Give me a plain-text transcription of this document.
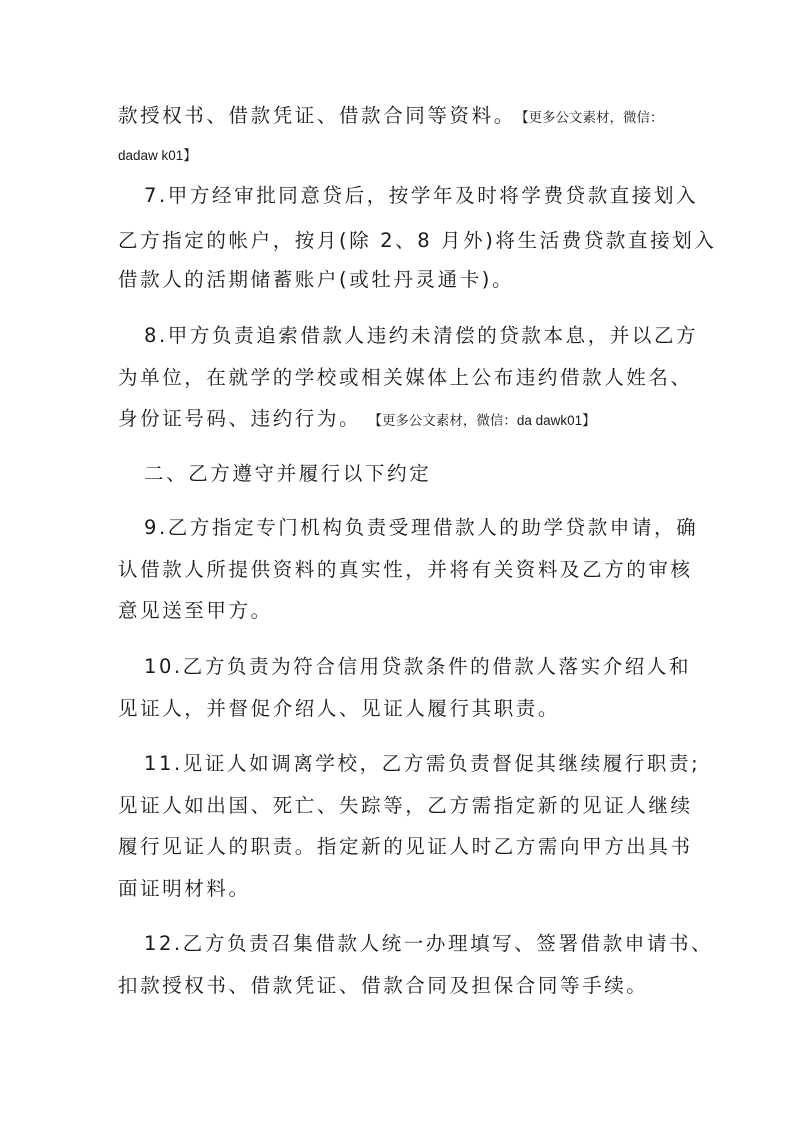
款授权书、借款凭证、借款合同等资料。 【更多公文素材，微信：
dadaw k01】
7.甲方经审批同意贷后，按学年及时将学费贷款直接划入
乙方指定的帐户，按月(除 2、8 月外)将生活费贷款直接划入
借款人的活期储蓄账户(或牡丹灵通卡)。
8.甲方负责追索借款人违约未清偿的贷款本息，并以乙方
为单位，在就学的学校或相关媒体上公布违约借款人姓名、
身份证号码、违约行为。 【更多公文素材，微信：da dawk01】
二、乙方遵守并履行以下约定
9.乙方指定专门机构负责受理借款人的助学贷款申请，确
认借款人所提供资料的真实性，并将有关资料及乙方的审核
意见送至甲方。
10.乙方负责为符合信用贷款条件的借款人落实介绍人和
见证人，并督促介绍人、见证人履行其职责。
11.见证人如调离学校，乙方需负责督促其继续履行职责;
见证人如出国、死亡、失踪等，乙方需指定新的见证人继续
履行见证人的职责。指定新的见证人时乙方需向甲方出具书
面证明材料。
12.乙方负责召集借款人统一办理填写、签署借款申请书、
扣款授权书、借款凭证、借款合同及担保合同等手续。
